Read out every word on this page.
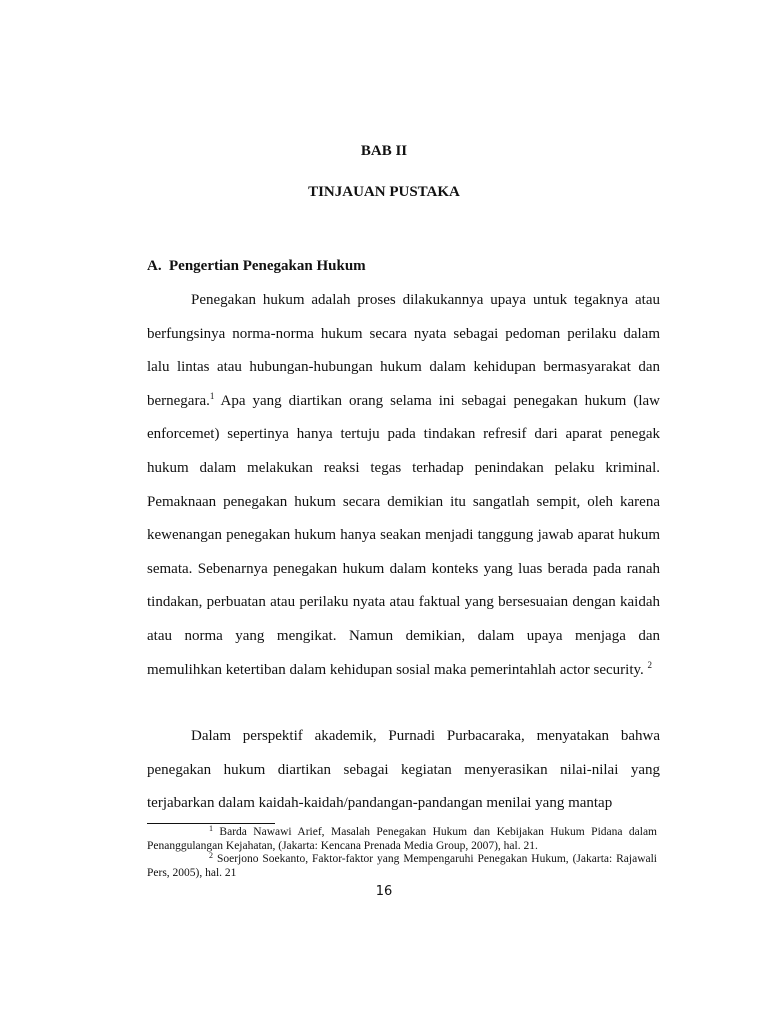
BAB II
TINJAUAN PUSTAKA
A. Pengertian Penegakan Hukum

Penegakan hukum adalah proses dilakukannya upaya untuk tegaknya atau berfungsinya norma-norma hukum secara nyata sebagai pedoman perilaku dalam lalu lintas atau hubungan-hubungan hukum dalam kehidupan bermasyarakat dan bernegara.$^1$ Apa yang diartikan orang selama ini sebagai penegakan hukum (law enforcemet) sepertinya hanya tertuju pada tindakan refresif dari aparat penegak hukum dalam melakukan reaksi tegas terhadap penindakan pelaku kriminal. Pemaknaan penegakan hukum secara demikian itu sangatlah sempit, oleh karena kewenangan penegakan hukum hanya seakan menjadi tanggung jawab aparat hukum semata. Sebenarnya penegakan hukum dalam konteks yang luas berada pada ranah tindakan, perbuatan atau perilaku nyata atau faktual yang bersesuaian dengan kaidah atau norma yang mengikat. Namun demikian, dalam upaya menjaga dan memulihkan ketertiban dalam kehidupan sosial maka pemerintahlah actor security. $^2$

Dalam perspektif akademik, Purnadi Purbacaraka, menyatakan bahwa penegakan hukum diartikan sebagai kegiatan menyerasikan nilai-nilai yang terjabarkan dalam kaidah-kaidah/pandangan-pandangan menilai yang mantap

$^1$ Barda Nawawi Arief, Masalah Penegakan Hukum dan Kebijakan Hukum Pidana dalam Penanggulangan Kejahatan, (Jakarta: Kencana Prenada Media Group, 2007), hal. 21.

$^2$ Soerjono Soekanto, Faktor-faktor yang Mempengaruhi Penegakan Hukum, (Jakarta: Rajawali Pers, 2005), hal. 21

16
